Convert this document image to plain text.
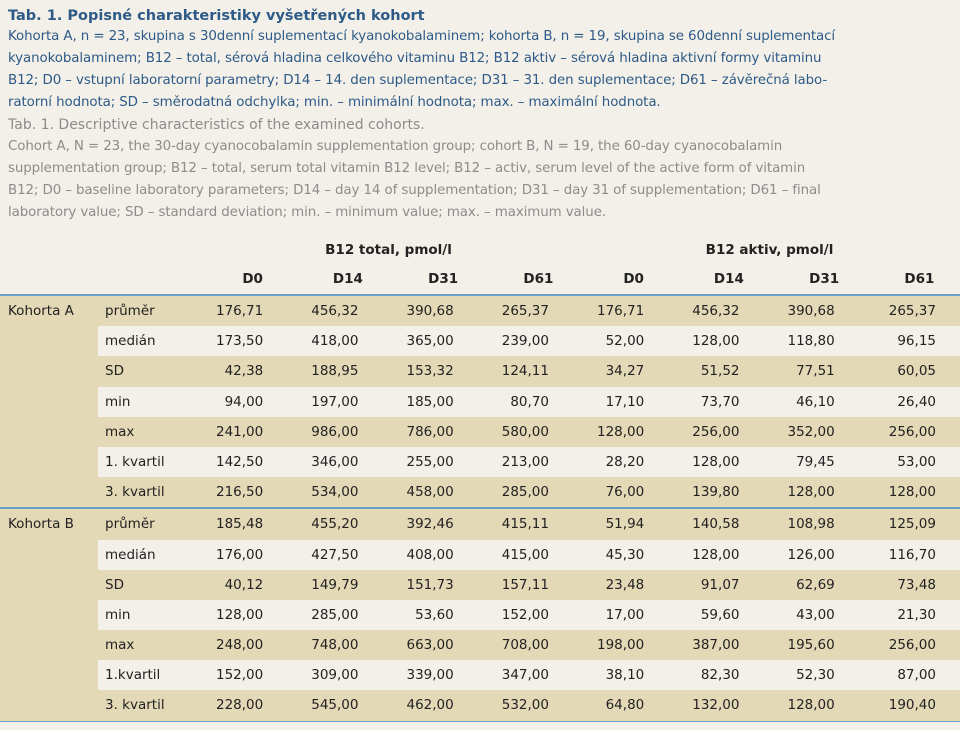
Tab. 1. Popisné charakteristiky vyšetřených kohort
Kohorta A, n = 23, skupina s 30denní suplementací kyanokobalaminem; kohorta B, n = 19, skupina se 60denní suplementací
kyanokobalaminem; B12 – total, sérová hladina celkového vitaminu B12; B12 aktiv – sérová hladina aktivní formy vitaminu
B12; D0 – vstupní laboratorní parametry; D14 – 14. den suplementace; D31 – 31. den suplementace; D61 – závěrečná labo-
ratorní hodnota; SD – směrodatná odchylka; min. – minimální hodnota; max. – maximální hodnota.
Tab. 1. Descriptive characteristics of the examined cohorts.
Cohort A, N = 23, the 30-day cyanocobalamin supplementation group; cohort B, N = 19, the 60-day cyanocobalamin
supplementation group; B12 – total, serum total vitamin B12 level; B12 – activ, serum level of the active form of vitamin
B12; D0 – baseline laboratory parameters; D14 – day 14 of supplementation; D31 – day 31 of supplementation; D61 – final
laboratory value; SD – standard deviation; min. – minimum value; max. – maximum value.
B12 total, pmol/l	B12 aktiv, pmol/l
D0	D14	D31	D61	D0	D14	D31	D61
Kohorta A	průměr	176,71	456,32	390,68	265,37	176,71	456,32	390,68	265,37
medián	173,50	418,00	365,00	239,00	52,00	128,00	118,80	96,15
SD	42,38	188,95	153,32	124,11	34,27	51,52	77,51	60,05
min	94,00	197,00	185,00	80,70	17,10	73,70	46,10	26,40
max	241,00	986,00	786,00	580,00	128,00	256,00	352,00	256,00
1. kvartil	142,50	346,00	255,00	213,00	28,20	128,00	79,45	53,00
3. kvartil	216,50	534,00	458,00	285,00	76,00	139,80	128,00	128,00
Kohorta B	průměr	185,48	455,20	392,46	415,11	51,94	140,58	108,98	125,09
medián	176,00	427,50	408,00	415,00	45,30	128,00	126,00	116,70
SD	40,12	149,79	151,73	157,11	23,48	91,07	62,69	73,48
min	128,00	285,00	53,60	152,00	17,00	59,60	43,00	21,30
max	248,00	748,00	663,00	708,00	198,00	387,00	195,60	256,00
1.kvartil	152,00	309,00	339,00	347,00	38,10	82,30	52,30	87,00
3. kvartil	228,00	545,00	462,00	532,00	64,80	132,00	128,00	190,40
